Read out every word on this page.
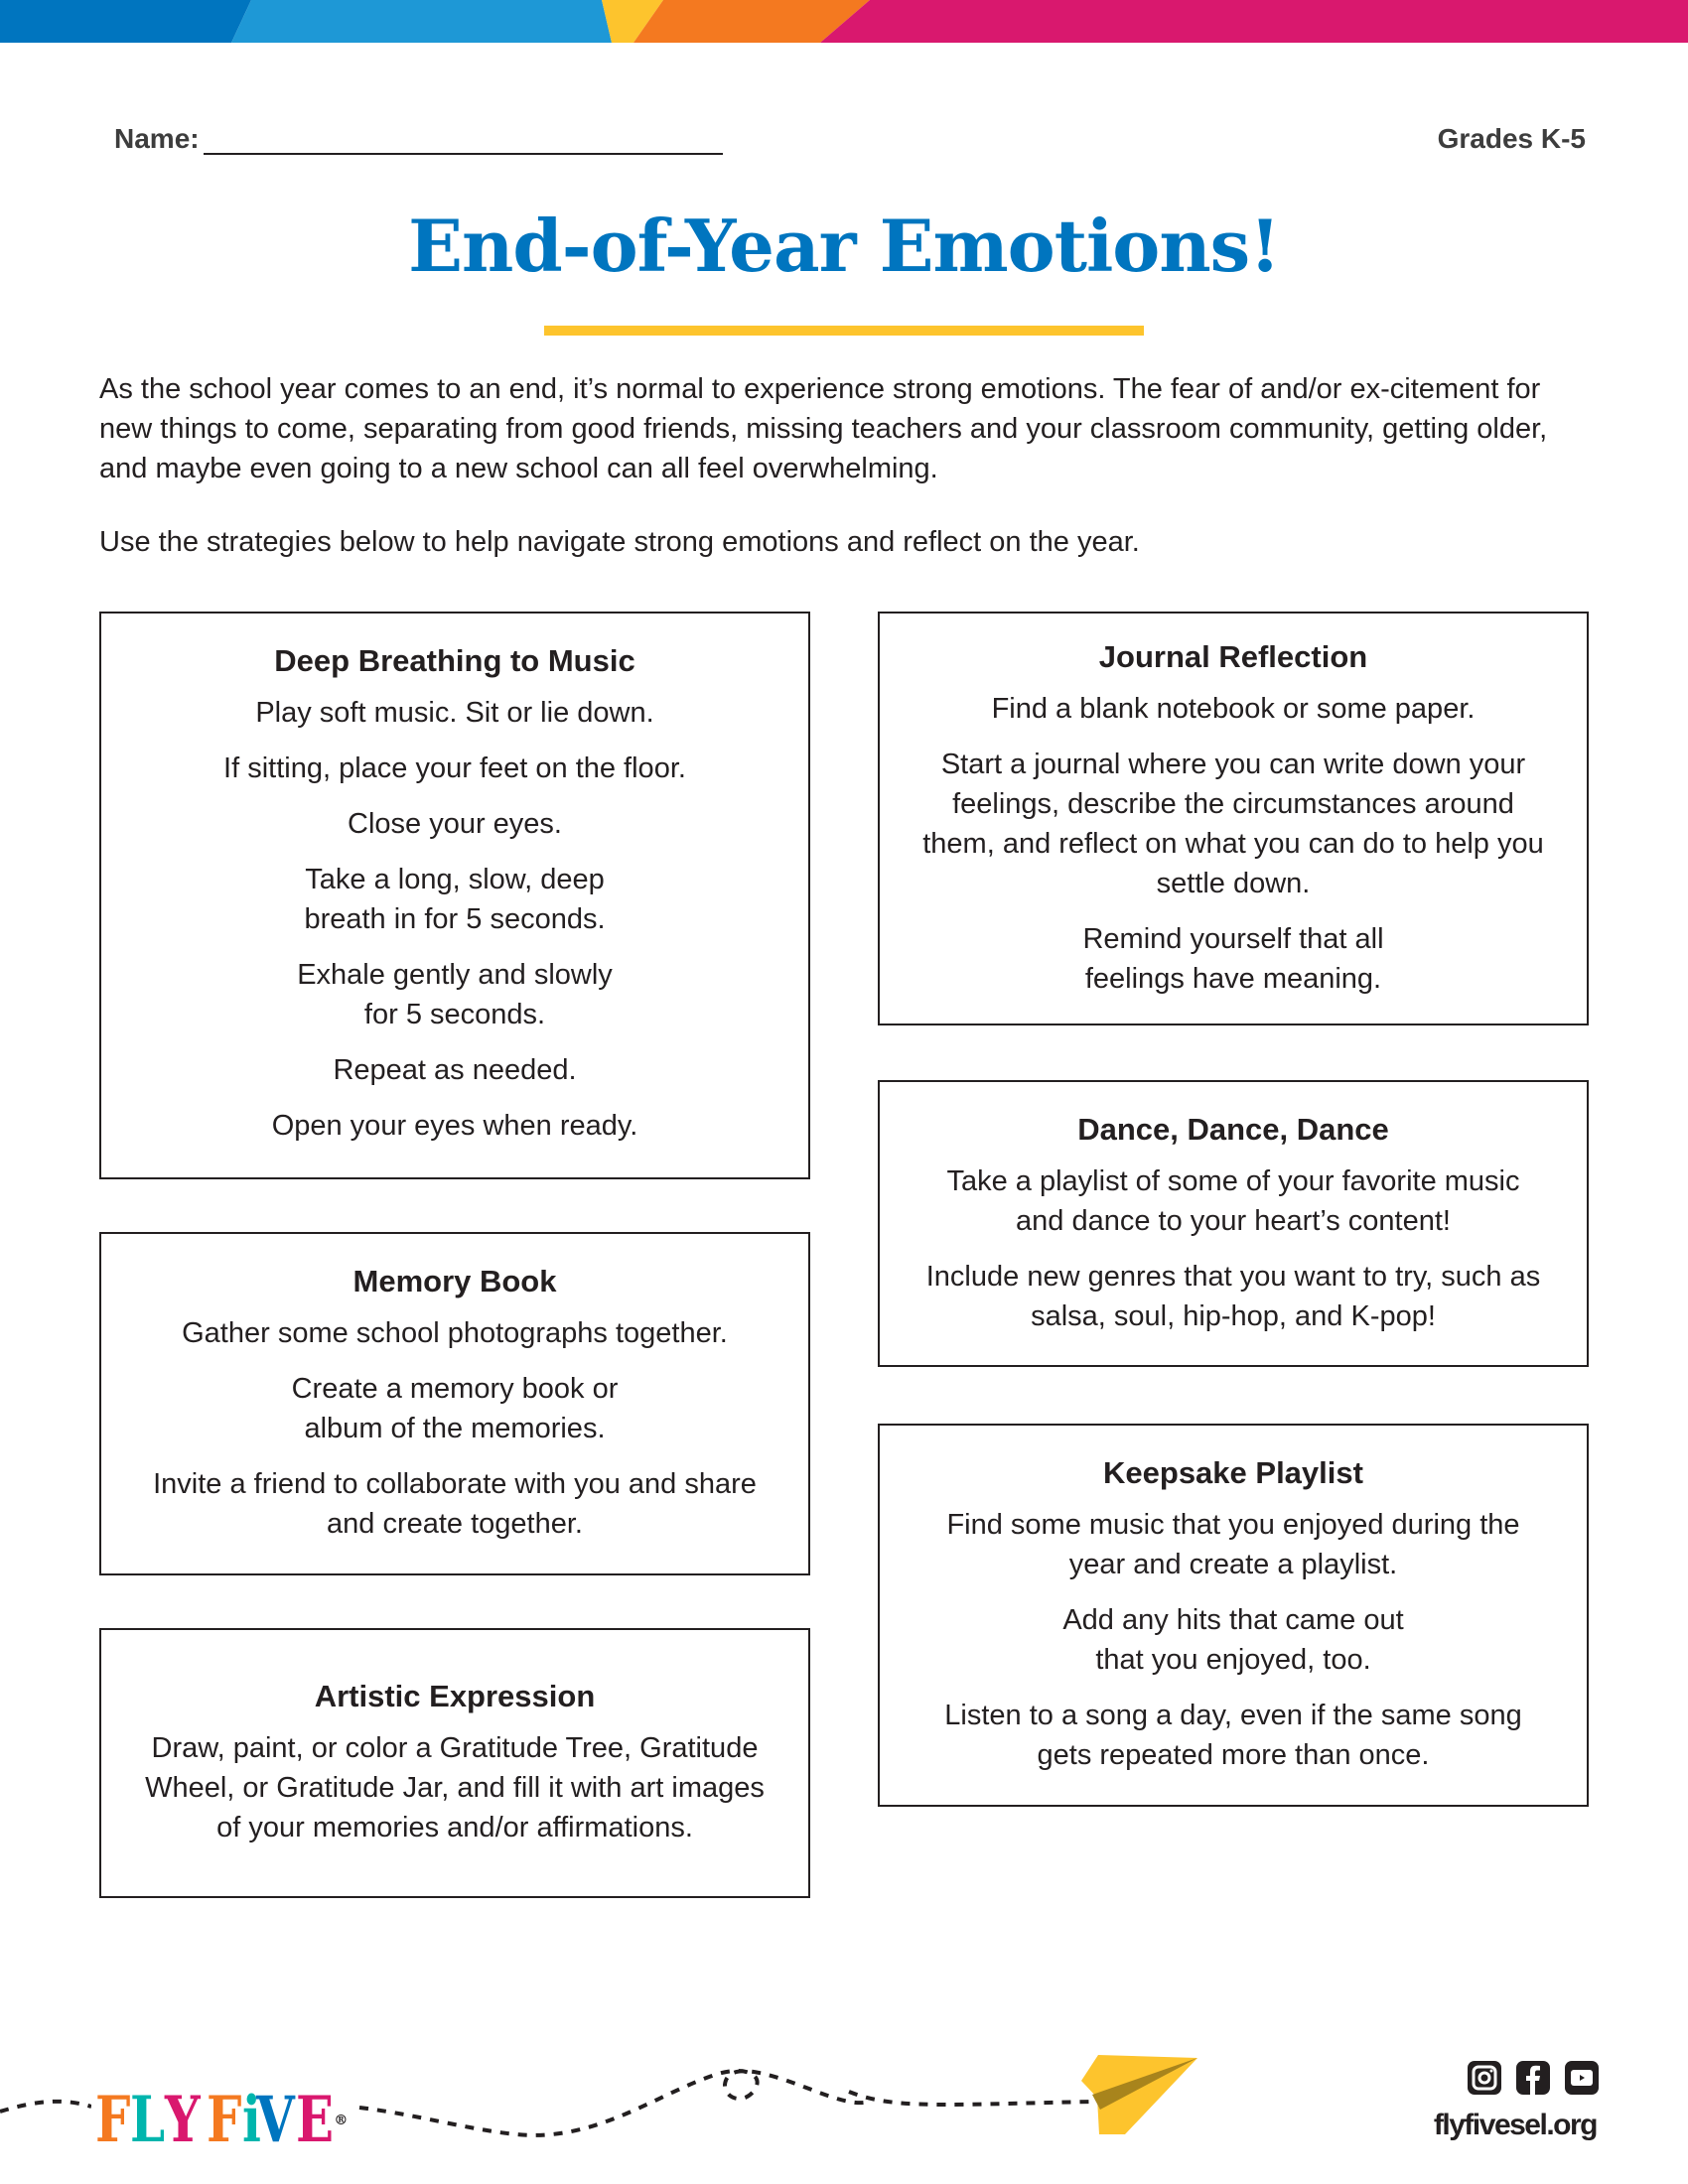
Name:	Grades K-5
End-of-Year Emotions!

As the school year comes to an end, it’s normal to experience strong emotions. The fear of and/or ex-citement for new things to come, separating from good friends, missing teachers and your classroom community, getting older, and maybe even going to a new school can all feel overwhelming.

Use the strategies below to help navigate strong emotions and reflect on the year.

Deep Breathing to Music

Play soft music. Sit or lie down.

If sitting, place your feet on the floor.

Close your eyes.

Take a long, slow, deep breath in for 5 seconds.

Exhale gently and slowly for 5 seconds.

Repeat as needed.

Open your eyes when ready.

Memory Book

Gather some school photographs together.

Create a memory book or album of the memories.

Invite a friend to collaborate with you and share and create together.

Artistic Expression

Draw, paint, or color a Gratitude Tree, Gratitude Wheel, or Gratitude Jar, and fill it with art images of your memories and/or affirmations.

Journal Reflection

Find a blank notebook or some paper.

Start a journal where you can write down your feelings, describe the circumstances around them, and reflect on what you can do to help you settle down.

Remind yourself that all feelings have meaning.

Dance, Dance, Dance

Take a playlist of some of your favorite music and dance to your heart’s content!

Include new genres that you want to try, such as salsa, soul, hip-hop, and K-pop!

Keepsake Playlist

Find some music that you enjoyed during the year and create a playlist.

Add any hits that came out that you enjoyed, too.

Listen to a song a day, even if the same song gets repeated more than once.

FLY FiVE ®	flyfivesel.org
